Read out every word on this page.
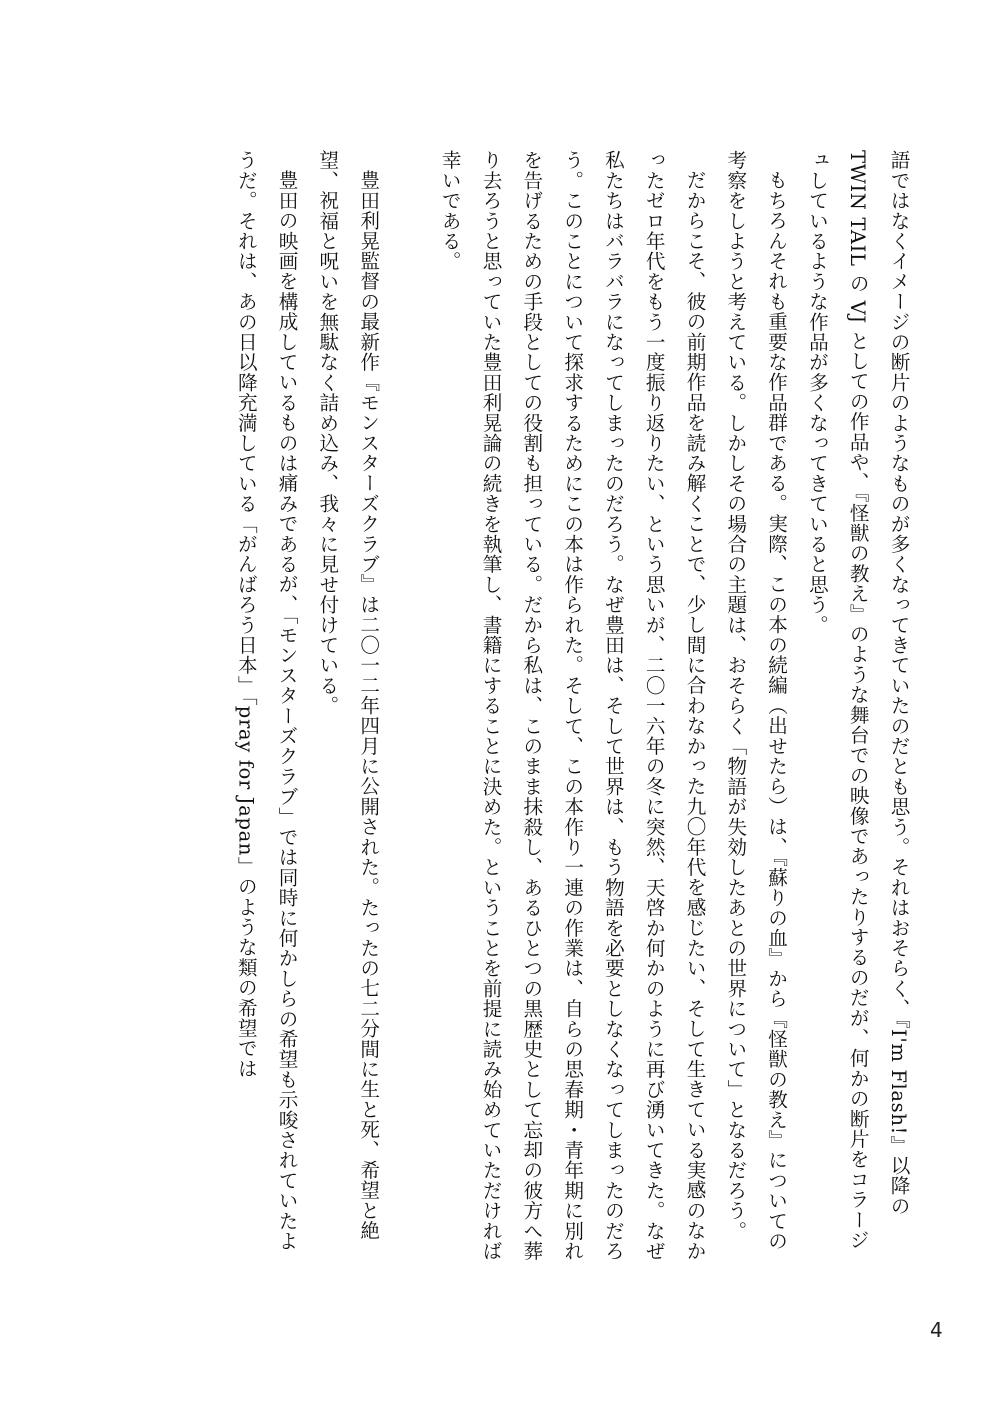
語ではなくイメージの断片のようなものが多くなってきていたのだとも思う。それはおそらく、『I'm Flash!』以降の TWIN TAIL の VJ としての作品や、『怪獣の教え』のような舞台での映像であったりするのだが、何かの断片をコラージュしているような作品が多くなってきていると思う。

もちろんそれも重要な作品群である。実際、この本の続編（出せたら）は、『蘇りの血』から『怪獣の教え』についての考察をしようと考えている。しかしその場合の主題は、おそらく「物語が失効したあとの世界について」となるだろう。

だからこそ、彼の前期作品を読み解くことで、少し間に合わなかった九〇年代を感じたい、そして生きている実感のなかったゼロ年代をもう一度振り返りたい、という思いが、二〇一六年の冬に突然、天啓か何かのように再び湧いてきた。なぜ私たちはバラバラになってしまったのだろう。なぜ豊田は、そして世界は、もう物語を必要としなくなってしまったのだろう。このことについて探求するためにこの本は作られた。そして、この本作り一連の作業は、自らの思春期・青年期に別れを告げるための手段としての役割も担っている。だから私は、このまま抹殺し、あるひとつの黒歴史として忘却の彼方へ葬り去ろうと思っていた豊田利晃論の続きを執筆し、書籍にすることに決めた。ということを前提に読み始めていただければ幸いである。

豊田利晃監督の最新作『モンスターズクラブ』は二〇一二年四月に公開された。たったの七二分間に生と死、希望と絶望、祝福と呪いを無駄なく詰め込み、我々に見せ付けている。

豊田の映画を構成しているものは痛みであるが、「モンスターズクラブ」では同時に何かしらの希望も示唆されていたようだ。それは、あの日以降充満している「がんばろう日本」「pray for Japan」のような類の希望では

4
